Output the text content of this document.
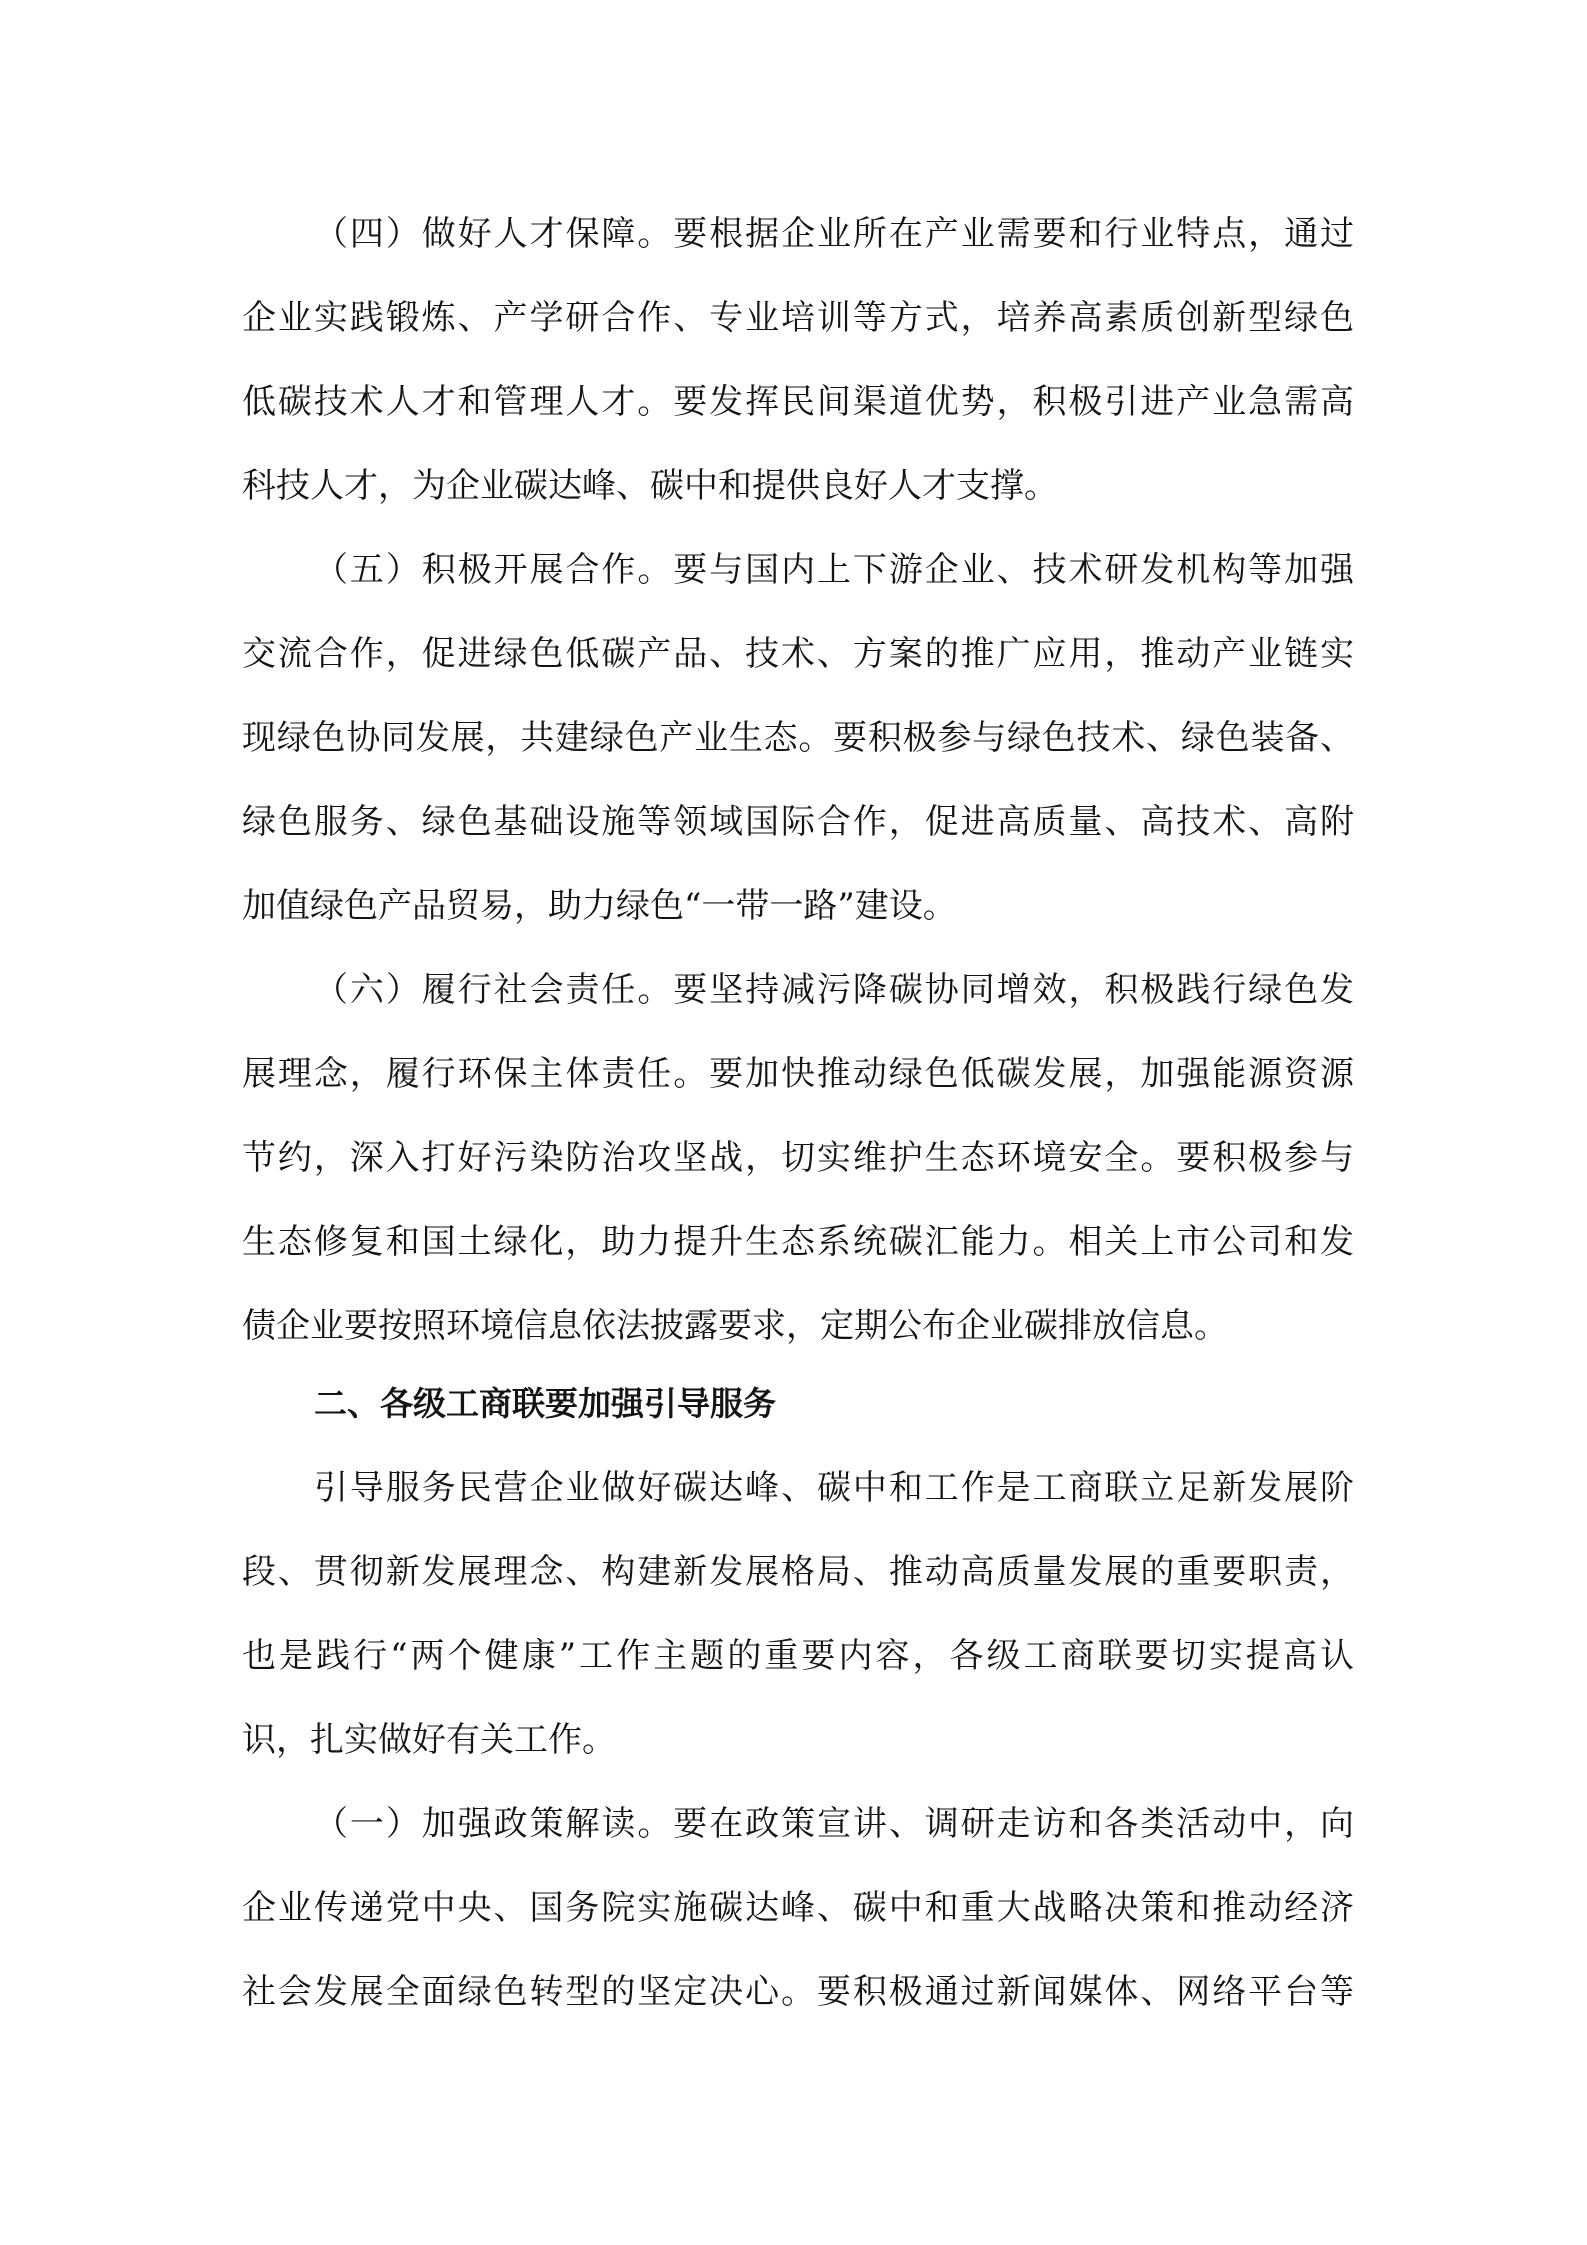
（四）做好人才保障。要根据企业所在产业需要和行业特点，通过
企业实践锻炼、产学研合作、专业培训等方式，培养高素质创新型绿色
低碳技术人才和管理人才。要发挥民间渠道优势，积极引进产业急需高
科技人才，为企业碳达峰、碳中和提供良好人才支撑。
（五）积极开展合作。要与国内上下游企业、技术研发机构等加强
交流合作，促进绿色低碳产品、技术、方案的推广应用，推动产业链实
现绿色协同发展，共建绿色产业生态。要积极参与绿色技术、绿色装备、
绿色服务、绿色基础设施等领域国际合作，促进高质量、高技术、高附
加值绿色产品贸易，助力绿色“一带一路”建设。
（六）履行社会责任。要坚持减污降碳协同增效，积极践行绿色发
展理念，履行环保主体责任。要加快推动绿色低碳发展，加强能源资源
节约，深入打好污染防治攻坚战，切实维护生态环境安全。要积极参与
生态修复和国土绿化，助力提升生态系统碳汇能力。相关上市公司和发
债企业要按照环境信息依法披露要求，定期公布企业碳排放信息。
二、各级工商联要加强引导服务
引导服务民营企业做好碳达峰、碳中和工作是工商联立足新发展阶
段、贯彻新发展理念、构建新发展格局、推动高质量发展的重要职责，
也是践行“两个健康”工作主题的重要内容，各级工商联要切实提高认
识，扎实做好有关工作。
（一）加强政策解读。要在政策宣讲、调研走访和各类活动中，向
企业传递党中央、国务院实施碳达峰、碳中和重大战略决策和推动经济
社会发展全面绿色转型的坚定决心。要积极通过新闻媒体、网络平台等
